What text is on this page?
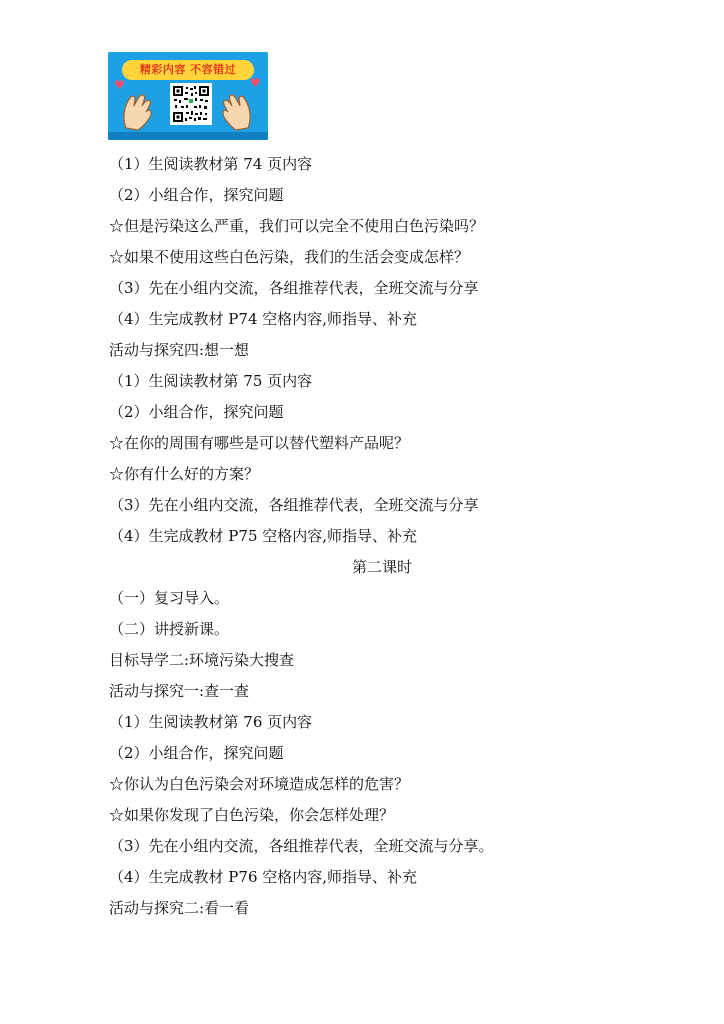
精彩内容 不容错过
♥	♥
（1）生阅读教材第 74 页内容
（2）小组合作，探究问题
☆但是污染这么严重，我们可以完全不使用白色污染吗？
☆如果不使用这些白色污染，我们的生活会变成怎样？
（3）先在小组内交流，各组推荐代表，全班交流与分享
（4）生完成教材 P74 空格内容,师指导、补充
活动与探究四:想一想
（1）生阅读教材第 75 页内容
（2）小组合作，探究问题
☆在你的周围有哪些是可以替代塑料产品呢？
☆你有什么好的方案？
（3）先在小组内交流，各组推荐代表，全班交流与分享
（4）生完成教材 P75 空格内容,师指导、补充
第二课时
（一）复习导入。
（二）讲授新课。
目标导学二:环境污染大搜查
活动与探究一:查一查
（1）生阅读教材第 76 页内容
（2）小组合作，探究问题
☆你认为白色污染会对环境造成怎样的危害？
☆如果你发现了白色污染，你会怎样处理？
（3）先在小组内交流，各组推荐代表，全班交流与分享。
（4）生完成教材 P76 空格内容,师指导、补充
活动与探究二:看一看
